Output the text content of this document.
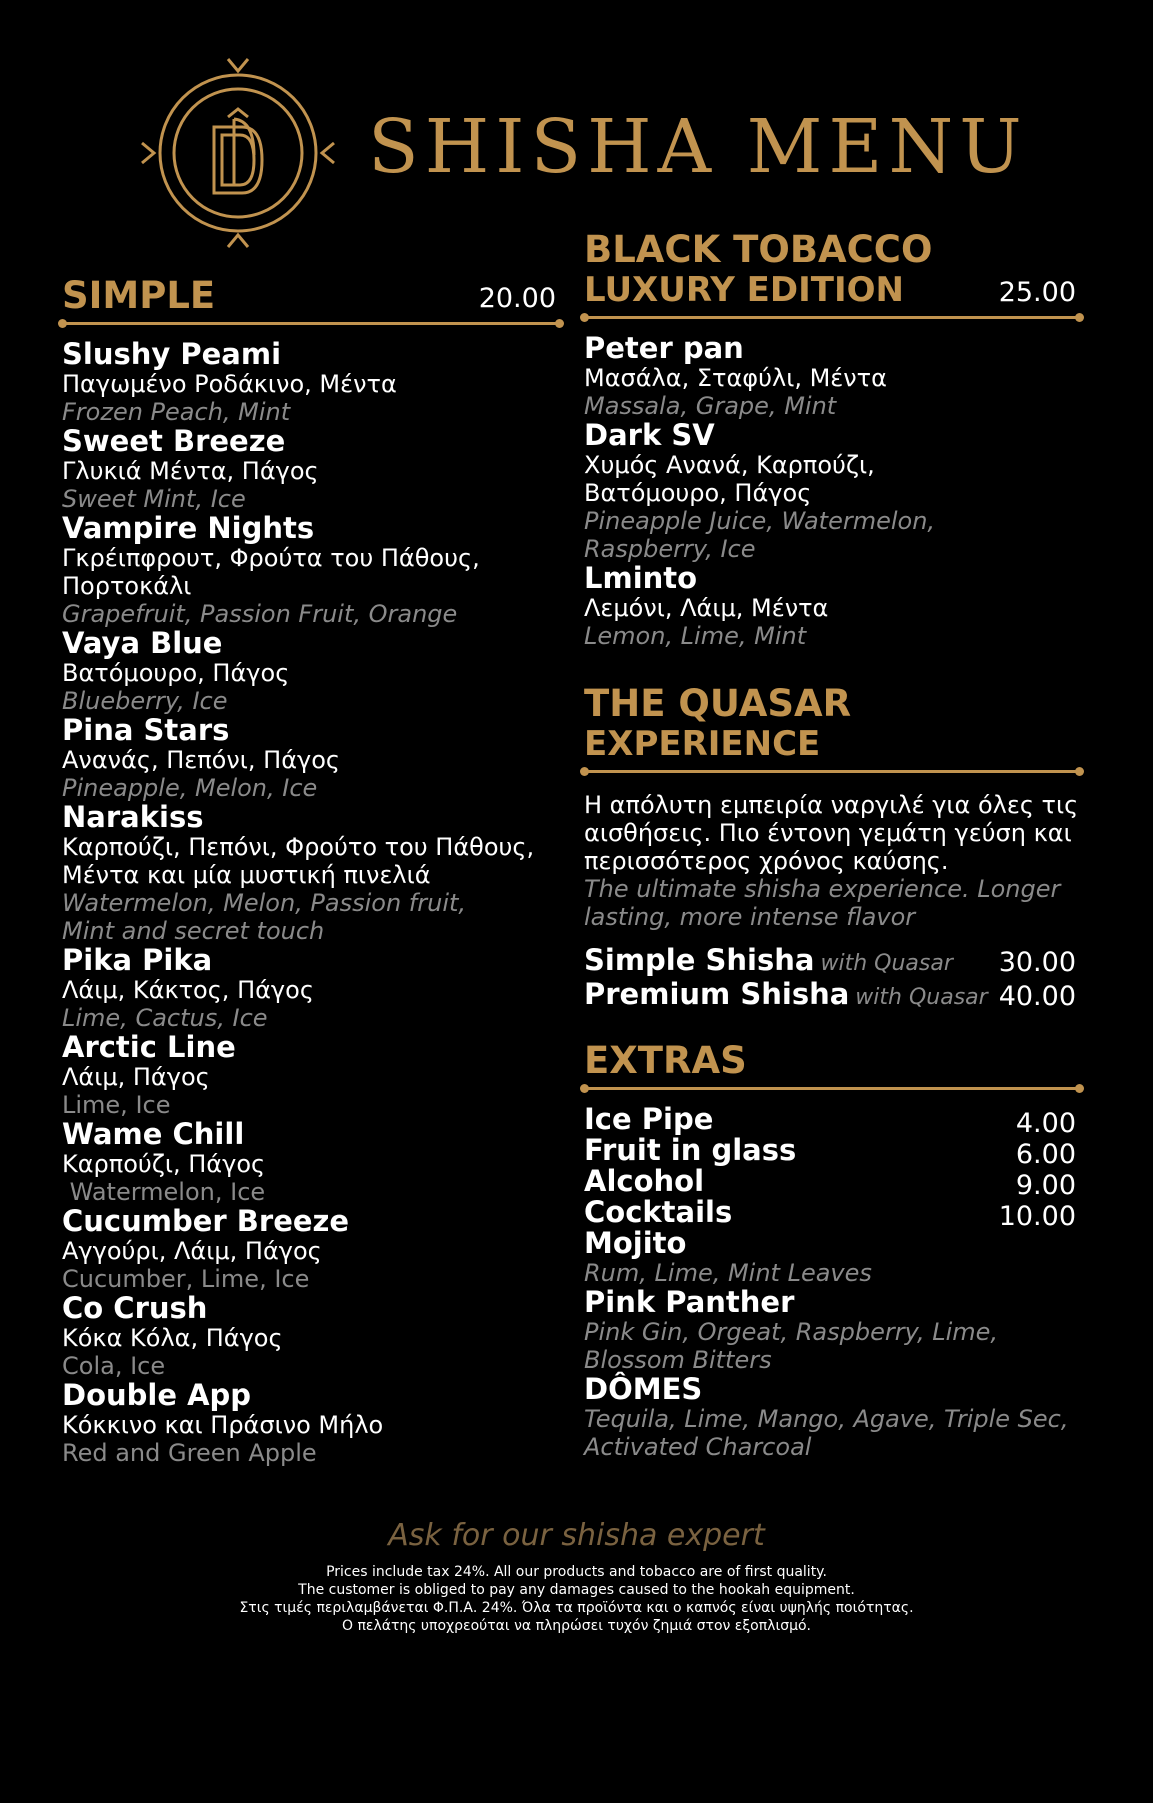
SHISHA MENU
SIMPLE	20.00
Slushy Peami
Παγωμένο Ροδάκινο, Μέντα
Frozen Peach, Mint
Sweet Breeze
Γλυκιά Μέντα, Πάγος
Sweet Mint, Ice
Vampire Nights
Γκρέιπφρουτ, Φρούτα του Πάθους,
Πορτοκάλι
Grapefruit, Passion Fruit, Orange
Vaya Blue
Βατόμουρο, Πάγος
Blueberry, Ice
Pina Stars
Ανανάς, Πεπόνι, Πάγος
Pineapple, Melon, Ice
Narakiss
Καρπούζι, Πεπόνι, Φρούτο του Πάθους,
Μέντα και μία μυστική πινελιά
Watermelon, Melon, Passion fruit,
Mint and secret touch
Pika Pika
Λάιμ, Κάκτος, Πάγος
Lime, Cactus, Ice
Arctic Line
Λάιμ, Πάγος
Lime, Ice
Wame Chill
Καρπούζι, Πάγος
Watermelon, Ice
Cucumber Breeze
Αγγούρι, Λάιμ, Πάγος
Cucumber, Lime, Ice
Co Crush
Κόκα Κόλα, Πάγος
Cola, Ice
Double App
Κόκκινο και Πράσινο Μήλο
Red and Green Apple
BLACK TOBACCO
LUXURY EDITION	25.00
Peter pan
Μασάλα, Σταφύλι, Μέντα
Massala, Grape, Mint
Dark SV
Χυμός Ανανά, Καρπούζι,
Βατόμουρο, Πάγος
Pineapple Juice, Watermelon,
Raspberry, Ice
Lminto
Λεμόνι, Λάιμ, Μέντα
Lemon, Lime, Mint
THE QUASAR
EXPERIENCE
Η απόλυτη εμπειρία ναργιλέ για όλες τις
αισθήσεις. Πιο έντονη γεμάτη γεύση και
περισσότερος χρόνος καύσης.
The ultimate shisha experience. Longer
lasting, more intense flavor
Simple Shisha with Quasar 30.00
Premium Shisha with Quasar 40.00
EXTRAS
Ice Pipe	4.00
Fruit in glass	6.00
Alcohol	9.00
Cocktails	10.00
Mojito
Rum, Lime, Mint Leaves
Pink Panther
Pink Gin, Orgeat, Raspberry, Lime,
Blossom Bitters
DÔMES
Tequila, Lime, Mango, Agave, Triple Sec,
Activated Charcoal

Ask for our shisha expert

Prices include tax 24%. All our products and tobacco are of first quality.
The customer is obliged to pay any damages caused to the hookah equipment.
Στις τιμές περιλαμβάνεται Φ.Π.Α. 24%. Όλα τα προϊόντα και ο καπνός είναι υψηλής ποιότητας.
Ο πελάτης υποχρεούται να πληρώσει τυχόν ζημιά στον εξοπλισμό.
